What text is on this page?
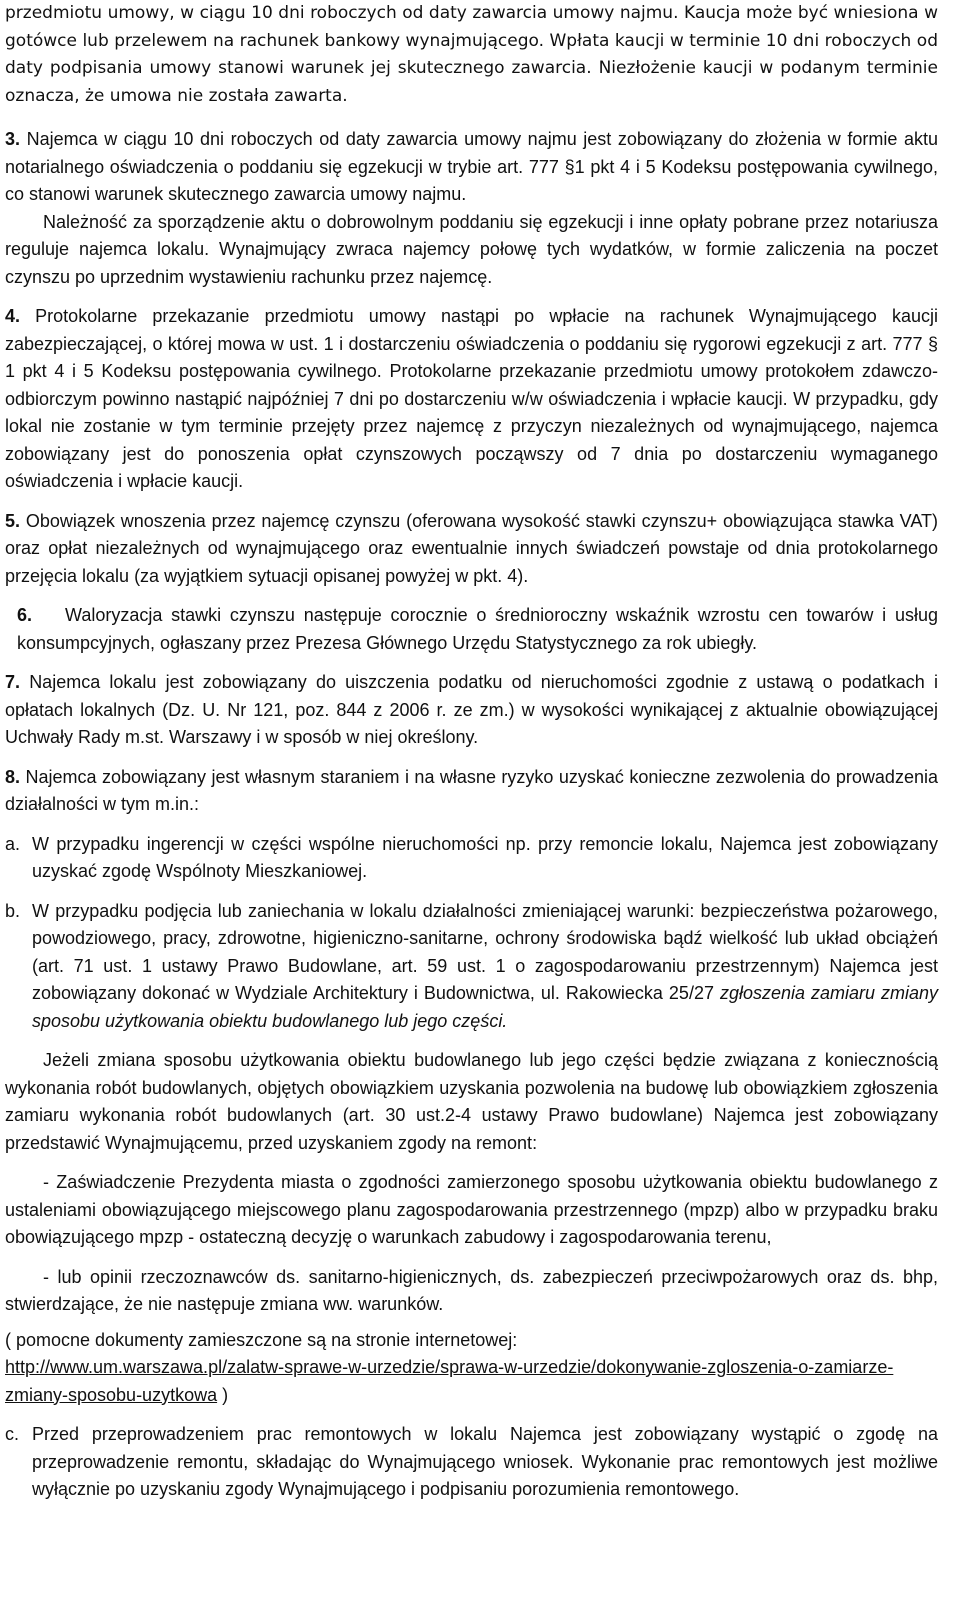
przedmiotu umowy, w ciągu 10 dni roboczych od daty zawarcia umowy najmu. Kaucja może być wniesiona w gotówce lub przelewem na rachunek bankowy wynajmującego. Wpłata kaucji w terminie 10 dni roboczych od daty podpisania umowy stanowi warunek jej skutecznego zawarcia. Niezłożenie kaucji w podanym terminie oznacza, że umowa nie została zawarta.

3. Najemca w ciągu 10 dni roboczych od daty zawarcia umowy najmu jest zobowiązany do złożenia w formie aktu notarialnego oświadczenia o poddaniu się egzekucji w trybie art. 777 §1 pkt 4 i 5 Kodeksu postępowania cywilnego, co stanowi warunek skutecznego zawarcia umowy najmu.

Należność za sporządzenie aktu o dobrowolnym poddaniu się egzekucji i inne opłaty pobrane przez notariusza reguluje najemca lokalu. Wynajmujący zwraca najemcy połowę tych wydatków, w formie zaliczenia na poczet czynszu po uprzednim wystawieniu rachunku przez najemcę.

4. Protokolarne przekazanie przedmiotu umowy nastąpi po wpłacie na rachunek Wynajmującego kaucji zabezpieczającej, o której mowa w ust. 1 i dostarczeniu oświadczenia o poddaniu się rygorowi egzekucji z art. 777 § 1 pkt 4 i 5 Kodeksu postępowania cywilnego. Protokolarne przekazanie przedmiotu umowy protokołem zdawczo-odbiorczym powinno nastąpić najpóźniej 7 dni po dostarczeniu w/w oświadczenia i wpłacie kaucji. W przypadku, gdy lokal nie zostanie w tym terminie przejęty przez najemcę z przyczyn niezależnych od wynajmującego, najemca zobowiązany jest do ponoszenia opłat czynszowych począwszy od 7 dnia po dostarczeniu wymaganego oświadczenia i wpłacie kaucji.

5. Obowiązek wnoszenia przez najemcę czynszu (oferowana wysokość stawki czynszu+ obowiązująca stawka VAT) oraz opłat niezależnych od wynajmującego oraz ewentualnie innych świadczeń powstaje od dnia protokolarnego przejęcia lokalu (za wyjątkiem sytuacji opisanej powyżej w pkt. 4).

6. Waloryzacja stawki czynszu następuje corocznie o średnioroczny wskaźnik wzrostu cen towarów i usług konsumpcyjnych, ogłaszany przez Prezesa Głównego Urzędu Statystycznego za rok ubiegły.

7. Najemca lokalu jest zobowiązany do uiszczenia podatku od nieruchomości zgodnie z ustawą o podatkach i opłatach lokalnych (Dz. U. Nr 121, poz. 844 z 2006 r. ze zm.) w wysokości wynikającej z aktualnie obowiązującej Uchwały Rady m.st. Warszawy i w sposób w niej określony.

8. Najemca zobowiązany jest własnym staraniem i na własne ryzyko uzyskać konieczne zezwolenia do prowadzenia działalności w tym m.in.:

a. W przypadku ingerencji w części wspólne nieruchomości np. przy remoncie lokalu, Najemca jest zobowiązany uzyskać zgodę Wspólnoty Mieszkaniowej.
b. W przypadku podjęcia lub zaniechania w lokalu działalności zmieniającej warunki: bezpieczeństwa pożarowego, powodziowego, pracy, zdrowotne, higieniczno-sanitarne, ochrony środowiska bądź wielkość lub układ obciążeń (art. 71 ust. 1 ustawy Prawo Budowlane, art. 59 ust. 1 o zagospodarowaniu przestrzennym) Najemca jest zobowiązany dokonać w Wydziale Architektury i Budownictwa, ul. Rakowiecka 25/27 zgłoszenia zamiaru zmiany sposobu użytkowania obiektu budowlanego lub jego części.

Jeżeli zmiana sposobu użytkowania obiektu budowlanego lub jego części będzie związana z koniecznością wykonania robót budowlanych, objętych obowiązkiem uzyskania pozwolenia na budowę lub obowiązkiem zgłoszenia zamiaru wykonania robót budowlanych (art. 30 ust.2-4 ustawy Prawo budowlane) Najemca jest zobowiązany przedstawić Wynajmującemu, przed uzyskaniem zgody na remont:

- Zaświadczenie Prezydenta miasta o zgodności zamierzonego sposobu użytkowania obiektu budowlanego z ustaleniami obowiązującego miejscowego planu zagospodarowania przestrzennego (mpzp) albo w przypadku braku obowiązującego mpzp - ostateczną decyzję o warunkach zabudowy i zagospodarowania terenu,

- lub opinii rzeczoznawców ds. sanitarno-higienicznych, ds. zabezpieczeń przeciwpożarowych oraz ds. bhp, stwierdzające, że nie następuje zmiana ww. warunków.

( pomocne dokumenty zamieszczone są na stronie internetowej:
http://www.um.warszawa.pl/zalatw-sprawe-w-urzedzie/sprawa-w-urzedzie/dokonywanie-zgloszenia-o-zamiarze-zmiany-sposobu-uzytkowa )

c. Przed przeprowadzeniem prac remontowych w lokalu Najemca jest zobowiązany wystąpić o zgodę na przeprowadzenie remontu, składając do Wynajmującego wniosek. Wykonanie prac remontowych jest możliwe wyłącznie po uzyskaniu zgody Wynajmującego i podpisaniu porozumienia remontowego.
